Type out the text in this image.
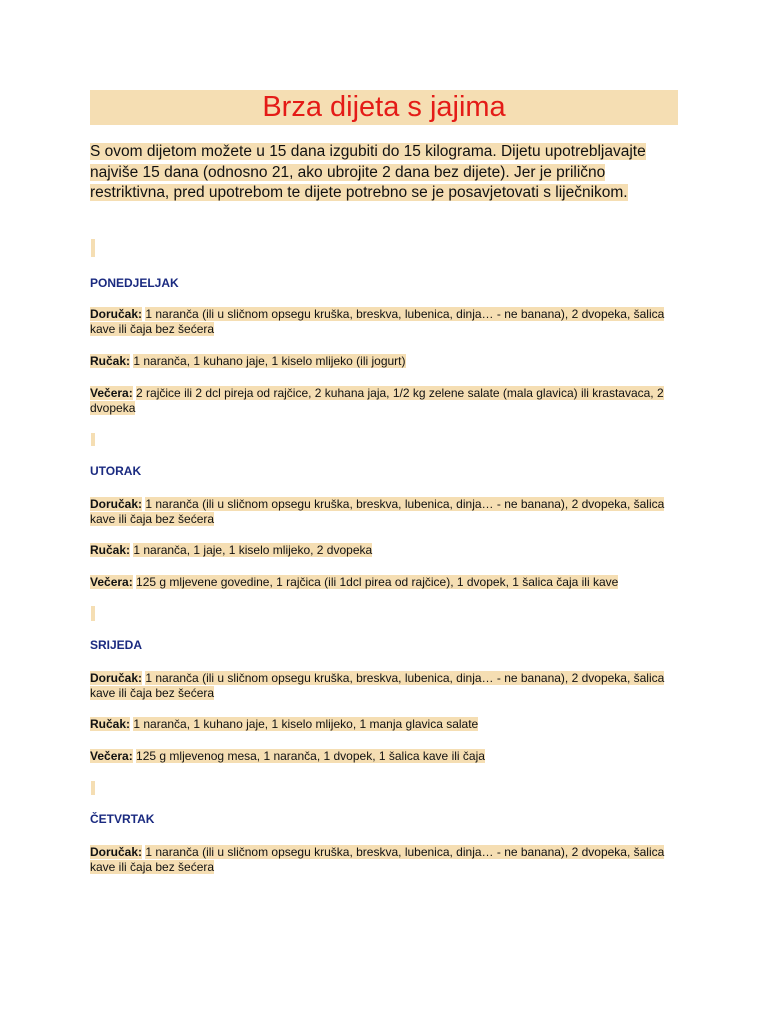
Brza dijeta s jajima
S ovom dijetom možete u 15 dana izgubiti do 15 kilograma. Dijetu upotrebljavajte najviše 15 dana (odnosno 21, ako ubrojite 2 dana bez dijete). Jer je prilično restriktivna, pred upotrebom te dijete potrebno se je posavjetovati s liječnikom.
PONEDJELJAK
Doručak: 1 naranča (ili u sličnom opsegu kruška, breskva, lubenica, dinja… - ne banana), 2 dvopeka, šalica kave ili čaja bez šećera
Ručak: 1 naranča, 1 kuhano jaje, 1 kiselo mlijeko (ili jogurt)
Večera: 2 rajčice ili 2 dcl pireja od rajčice, 2 kuhana jaja, 1/2 kg zelene salate (mala glavica) ili krastavaca, 2 dvopeka
UTORAK
Doručak: 1 naranča (ili u sličnom opsegu kruška, breskva, lubenica, dinja… - ne banana), 2 dvopeka, šalica kave ili čaja bez šećera
Ručak: 1 naranča, 1 jaje, 1 kiselo mlijeko, 2 dvopeka
Večera: 125 g mljevene govedine, 1 rajčica (ili 1dcl pirea od rajčice), 1 dvopek, 1 šalica čaja ili kave
SRIJEDA
Doručak: 1 naranča (ili u sličnom opsegu kruška, breskva, lubenica, dinja… - ne banana), 2 dvopeka, šalica kave ili čaja bez šećera
Ručak: 1 naranča, 1 kuhano jaje, 1 kiselo mlijeko, 1 manja glavica salate
Večera: 125 g mljevenog mesa, 1 naranča, 1 dvopek, 1 šalica kave ili čaja
ČETVRTAK
Doručak: 1 naranča (ili u sličnom opsegu kruška, breskva, lubenica, dinja… - ne banana), 2 dvopeka, šalica kave ili čaja bez šećera
